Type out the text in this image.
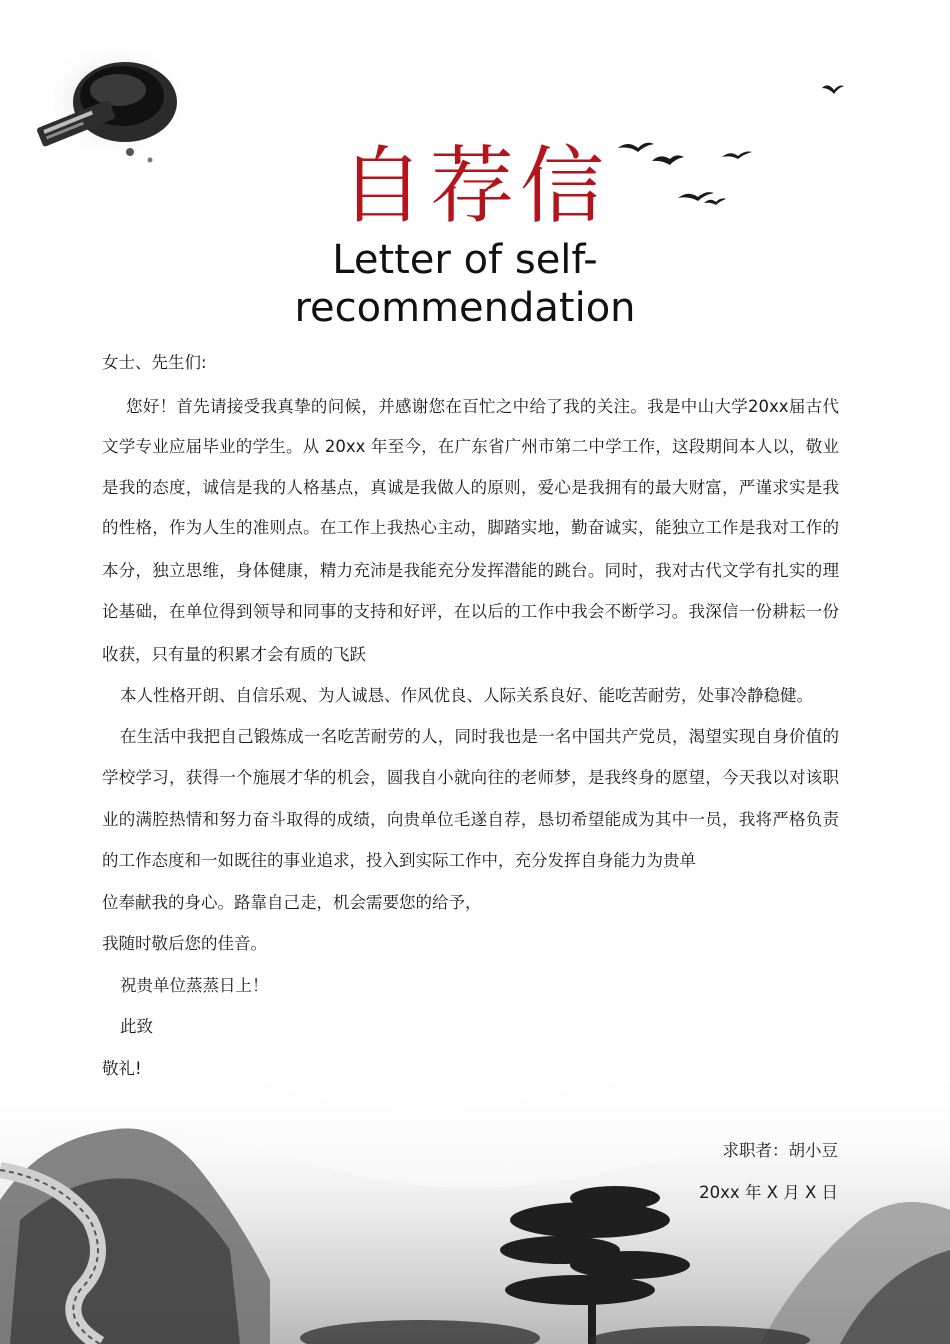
自荐信
Letter of self-recommendation
女士、先生们:
您好！首先请接受我真挚的问候，并感谢您在百忙之中给了我的关注。我是中山大学20xx届古代
文学专业应届毕业的学生。从 20xx 年至今，在广东省广州市第二中学工作，这段期间本人以，敬业
是我的态度，诚信是我的人格基点，真诚是我做人的原则，爱心是我拥有的最大财富，严谨求实是我
的性格，作为人生的准则点。在工作上我热心主动，脚踏实地，勤奋诚实，能独立工作是我对工作的
本分，独立思维，身体健康，精力充沛是我能充分发挥潜能的跳台。同时，我对古代文学有扎实的理
论基础，在单位得到领导和同事的支持和好评，在以后的工作中我会不断学习。我深信一份耕耘一份
收获，只有量的积累才会有质的飞跃
本人性格开朗、自信乐观、为人诚恳、作风优良、人际关系良好、能吃苦耐劳，处事冷静稳健。
在生活中我把自己锻炼成一名吃苦耐劳的人，同时我也是一名中国共产党员，渴望实现自身价值的
学校学习，获得一个施展才华的机会，圆我自小就向往的老师梦，是我终身的愿望，今天我以对该职
业的满腔热情和努力奋斗取得的成绩，向贵单位毛遂自荐，恳切希望能成为其中一员，我将严格负责
的工作态度和一如既往的事业追求，投入到实际工作中，充分发挥自身能力为贵单
位奉献我的身心。路靠自己走，机会需要您的给予，
我随时敬后您的佳音。
祝贵单位蒸蒸日上！
此致
敬礼!
求职者：胡小豆
20xx 年 X 月 X 日
